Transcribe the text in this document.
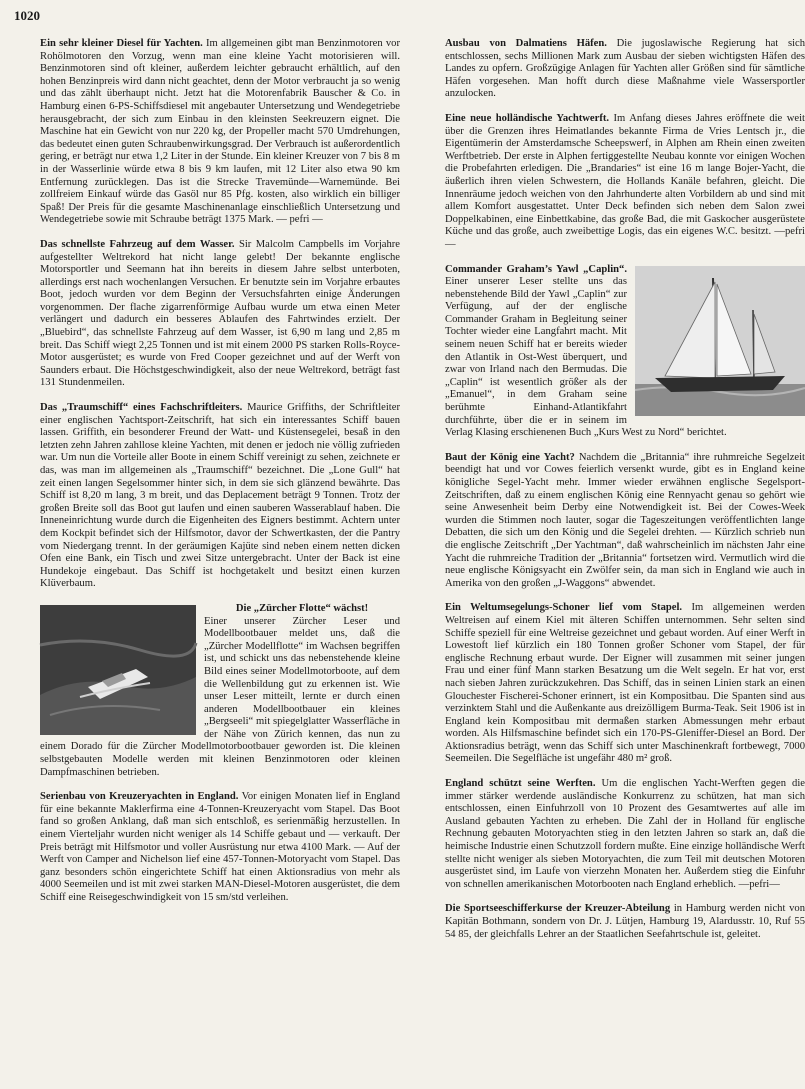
1020

Ein sehr kleiner Diesel für Yachten. Im allgemeinen gibt man Benzinmotoren vor Rohölmotoren den Vorzug, wenn man eine kleine Yacht motorisieren will. Benzinmotoren sind oft kleiner, außerdem leichter gebraucht erhältlich, auf den hohen Benzinpreis wird dann nicht geachtet, denn der Motor verbraucht ja so wenig und das zählt überhaupt nicht. Jetzt hat die Motorenfabrik Bauscher & Co. in Hamburg einen 6-PS-Schiffsdiesel mit angebauter Untersetzung und Wendegetriebe herausgebracht, der sich zum Einbau in den kleinsten Seekreuzern eignet. Die Maschine hat ein Gewicht von nur 220 kg, der Propeller macht 570 Umdrehungen, das bedeutet einen guten Schraubenwirkungsgrad. Der Verbrauch ist außerordentlich gering, er beträgt nur etwa 1,2 Liter in der Stunde. Ein kleiner Kreuzer von 7 bis 8 m in der Wasserlinie würde etwa 8 bis 9 km laufen, mit 12 Liter also etwa 90 km Entfernung zurücklegen. Das ist die Strecke Travemünde—Warnemünde. Bei zollfreiem Einkauf würde das Gasöl nur 85 Pfg. kosten, also wirklich ein billiger Spaß! Der Preis für die gesamte Maschinenanlage einschließlich Untersetzung und Wendegetriebe sowie mit Schraube beträgt 1375 Mark. — pefri —

Das schnellste Fahrzeug auf dem Wasser. Sir Malcolm Campbells im Vorjahre aufgestellter Weltrekord hat nicht lange gelebt! Der bekannte englische Motorsportler und Seemann hat ihn bereits in diesem Jahre selbst unterboten, allerdings erst nach wochenlangen Versuchen. Er benutzte sein im Vorjahre erbautes Boot, jedoch wurden vor dem Beginn der Versuchsfahrten einige Änderungen vorgenommen. Der flache zigarrenförmige Aufbau wurde um etwa einen Meter verlängert und dadurch ein besseres Ablaufen des Fahrtwindes erzielt. Der „Bluebird“, das schnellste Fahrzeug auf dem Wasser, ist 6,90 m lang und 2,85 m breit. Das Schiff wiegt 2,25 Tonnen und ist mit einem 2000 PS starken Rolls-Royce-Motor ausgerüstet; es wurde von Fred Cooper gezeichnet und auf der Werft von Saunders erbaut. Die Höchstgeschwindigkeit, also der neue Weltrekord, beträgt fast 131 Stundenmeilen.

Das „Traumschiff“ eines Fachschriftleiters. Maurice Griffiths, der Schriftleiter einer englischen Yachtsport-Zeitschrift, hat sich ein interessantes Schiff bauen lassen. Griffith, ein besonderer Freund der Watt- und Küstensegelei, besaß in den letzten zehn Jahren zahllose kleine Yachten, mit denen er jedoch nie völlig zufrieden war. Um nun die Vorteile aller Boote in einem Schiff vereinigt zu sehen, zeichnete er das, was man im allgemeinen als „Traumschiff“ bezeichnet. Die „Lone Gull“ hat zeit einen langen Segelsommer hinter sich, in dem sie sich glänzend bewährte. Das Schiff ist 8,20 m lang, 3 m breit, und das Deplacement beträgt 9 Tonnen. Trotz der großen Breite soll das Boot gut laufen und einen sauberen Wasserablauf haben. Die Inneneinrichtung wurde durch die Eigenheiten des Eigners bestimmt. Achtern unter dem Kockpit befindet sich der Hilfsmotor, davor der Schwertkasten, der die Pantry vom Niedergang trennt. In der geräumigen Kajüte sind neben einem netten dicken Ofen eine Bank, ein Tisch und zwei Sitze untergebracht. Unter der Back ist eine Hundekoje eingebaut. Das Schiff ist hochgetakelt und besitzt einen kurzen Klüverbaum.

Die „Zürcher Flotte“ wächst!
Einer unserer Zürcher Leser und Modellbootbauer meldet uns, daß die „Zürcher Modellflotte“ im Wachsen begriffen ist, und schickt uns das nebenstehende kleine Bild eines seiner Modellmotorboote, auf dem die Wellenbildung gut zu erkennen ist. Wie unser Leser mitteilt, lernte er durch einen anderen Modellbootbauer ein kleines „Bergseeli“ mit spiegelglatter Wasserfläche in der Nähe von Zürich kennen, das nun zu einem Dorado für die Zürcher Modellmotorbootbauer geworden ist. Die kleinen selbstgebauten Modelle werden mit kleinen Benzinmotoren oder kleinen Dampfmaschinen betrieben.

Serienbau von Kreuzeryachten in England. Vor einigen Monaten lief in England für eine bekannte Maklerfirma eine 4-Tonnen-Kreuzeryacht vom Stapel. Das Boot fand so großen Anklang, daß man sich entschloß, es serienmäßig herzustellen. In einem Vierteljahr wurden nicht weniger als 14 Schiffe gebaut und — verkauft. Der Preis beträgt mit Hilfsmotor und voller Ausrüstung nur etwa 4100 Mark. — Auf der Werft von Camper and Nichelson lief eine 457-Tonnen-Motoryacht vom Stapel. Das ganz besonders schön eingerichtete Schiff hat einen Aktionsradius von mehr als 4000 Seemeilen und ist mit zwei starken MAN-Diesel-Motoren ausgerüstet, die dem Schiff eine Reisegeschwindigkeit von 15 sm/std verleihen.

Ausbau von Dalmatiens Häfen. Die jugoslawische Regierung hat sich entschlossen, sechs Millionen Mark zum Ausbau der sieben wichtigsten Häfen des Landes zu opfern. Großzügige Anlagen für Yachten aller Größen sind für sämtliche Häfen vorgesehen. Man hofft durch diese Maßnahme viele Wassersportler anzulocken.

Eine neue holländische Yachtwerft. Im Anfang dieses Jahres eröffnete die weit über die Grenzen ihres Heimatlandes bekannte Firma de Vries Lentsch jr., die Eigentümerin der Amsterdamsche Scheepswerf, in Alphen am Rhein einen zweiten Werftbetrieb. Der erste in Alphen fertiggestellte Neubau konnte vor einigen Wochen die Probefahrten erledigen. Die „Brandaries“ ist eine 16 m lange Bojer-Yacht, die äußerlich ihren vielen Schwestern, die Hollands Kanäle befahren, gleicht. Die Innenräume jedoch weichen von den Jahrhunderte alten Vorbildern ab und sind mit allem Komfort ausgestattet. Unter Deck befinden sich neben dem Salon zwei Doppelkabinen, eine Einbettkabine, das große Bad, die mit Gaskocher ausgerüstete Küche und das große, auch zweibettige Logis, das ein eigenes W.C. besitzt. —pefri—

Commander Graham’s Yawl „Caplin“. Einer unserer Leser stellte uns das nebenstehende Bild der Yawl „Caplin“ zur Verfügung, auf der der englische Commander Graham in Begleitung seiner Tochter wieder eine Langfahrt macht. Mit seinem neuen Schiff hat er bereits wieder den Atlantik in Ost-West überquert, und zwar von Irland nach den Bermudas. Die „Caplin“ ist wesentlich größer als der „Emanuel“, in dem Graham seine berühmte Einhand-Atlantikfahrt durchführte, über die er in seinem im Verlag Klasing erschienenen Buch „Kurs West zu Nord“ berichtet.

Baut der König eine Yacht? Nachdem die „Britannia“ ihre ruhmreiche Segelzeit beendigt hat und vor Cowes feierlich versenkt wurde, gibt es in England keine königliche Segel-Yacht mehr. Immer wieder erwähnen englische Segelsport-Zeitschriften, daß zu einem englischen König eine Rennyacht genau so gehört wie seine Anwesenheit beim Derby eine Notwendigkeit ist. Bei der Cowes-Week wurden die Stimmen noch lauter, sogar die Tageszeitungen veröffentlichten lange Debatten, die sich um den König und die Segelei drehten. — Kürzlich schrieb nun die englische Zeitschrift „Der Yachtman“, daß wahrscheinlich im nächsten Jahr eine Yacht die ruhmreiche Tradition der „Britannia“ fortsetzen wird. Vermutlich wird die neue englische Königsyacht ein Zwölfer sein, da man sich in England wie auch in Amerika von den großen „J-Waggons“ abwendet.

Ein Weltumsegelungs-Schoner lief vom Stapel. Im allgemeinen werden Weltreisen auf einem Kiel mit älteren Schiffen unternommen. Sehr selten sind Schiffe speziell für eine Weltreise gezeichnet und gebaut worden. Auf einer Werft in Lowestoft lief kürzlich ein 180 Tonnen großer Schoner vom Stapel, der für englische Rechnung erbaut wurde. Der Eigner will zusammen mit seiner jungen Frau und einer fünf Mann starken Besatzung um die Welt segeln. Er hat vor, erst nach sieben Jahren zurückzukehren. Das Schiff, das in seinen Linien stark an einen Glouchester Fischerei-Schoner erinnert, ist ein Kompositbau. Die Spanten sind aus verzinktem Stahl und die Außenkante aus dreizölligem Burma-Teak. Seit 1906 ist in England kein Kompositbau mit dermaßen starken Abmessungen mehr erbaut worden. Als Hilfsmaschine befindet sich ein 170-PS-Gleniffer-Diesel an Bord. Der Aktionsradius beträgt, wenn das Schiff sich unter Maschinenkraft fortbewegt, 7000 Seemeilen. Die Segelfläche ist ungefähr 480 m² groß.

England schützt seine Werften. Um die englischen Yacht-Werften gegen die immer stärker werdende ausländische Konkurrenz zu schützen, hat man sich entschlossen, einen Einfuhrzoll von 10 Prozent des Gesamtwertes auf alle im Ausland gebauten Yachten zu erheben. Die Zahl der in Holland für englische Rechnung gebauten Motoryachten stieg in den letzten Jahren so stark an, daß die heimische Industrie einen Schutzzoll fordern mußte. Eine einzige holländische Werft stellte nicht weniger als sieben Motoryachten, die zum Teil mit deutschen Motoren ausgerüstet sind, im Laufe von vierzehn Monaten her. Außerdem stieg die Einfuhr von schnellen amerikanischen Motorbooten nach England erheblich. —pefri—

Die Sportseeschifferkurse der Kreuzer-Abteilung in Hamburg werden nicht von Kapitän Bothmann, sondern von Dr. J. Lütjen, Hamburg 19, Alardusstr. 10, Ruf 55 54 85, der gleichfalls Lehrer an der Staatlichen Seefahrtschule ist, geleitet.
